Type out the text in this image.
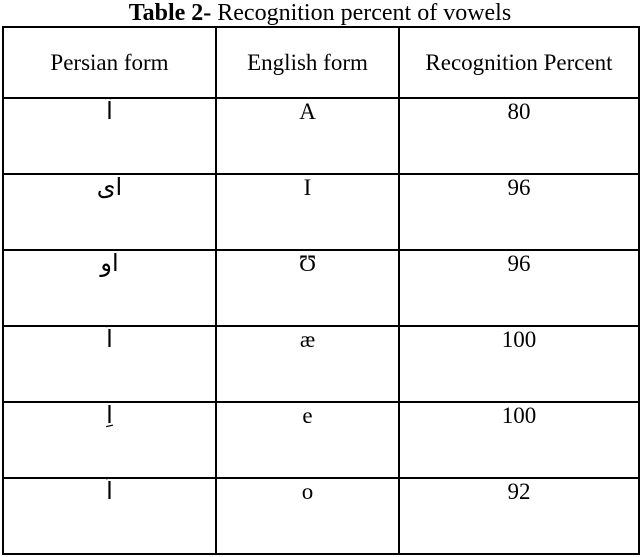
Table 2- Recognition percent of vowels
Persian form	English form	Recognition Percent
آ	A	80
ای	I	96
او	Ʊ	96
اَ	æ	100
اِ	e	100
اُ	o	92
